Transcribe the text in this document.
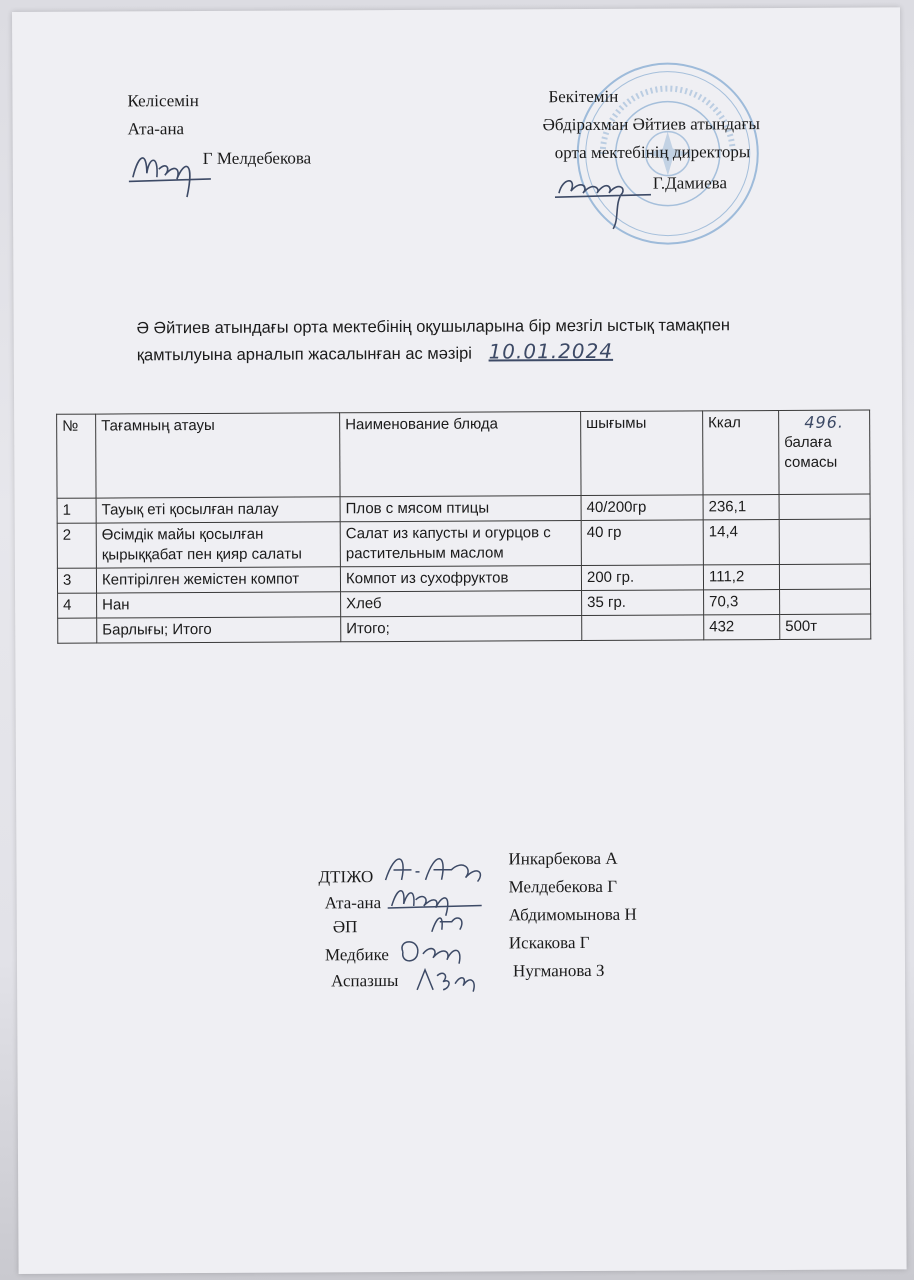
Келісемін
Ата-ана
Г Мелдебекова
Бекітемін
Әбдірахман Әйтиев атындағы
орта мектебінің директоры
Г.Дамиева
Ә Әйтиев атындағы орта мектебінің оқушыларына бір мезгіл ыстық тамақпен
қамтылуына арналып жасалынған ас мәзірі 10.01.2024
№	Тағамның атауы	Наименование блюда	шығымы	Ккал	496.
балаға
сомасы

1	Тауық еті қосылған палау	Плов с мясом птицы	40/200гр	236,1	
2	Өсімдік майы қосылған қырыққабат пен қияр салаты	Салат из капусты и огурцов с растительным маслом	40 гр	14,4	
3	Кептірілген жемістен компот	Компот из сухофруктов	200 гр.	111,2	
4	Нан	Хлеб	35 гр.	70,3	
	Барлығы; Итого	Итого;		432	500т
ДТІЖО
Инкарбекова А
Ата-ана
Мелдебекова Г
ӘП
Абдимомынова Н
Медбике
Искакова Г
Аспазшы
Нугманова З
